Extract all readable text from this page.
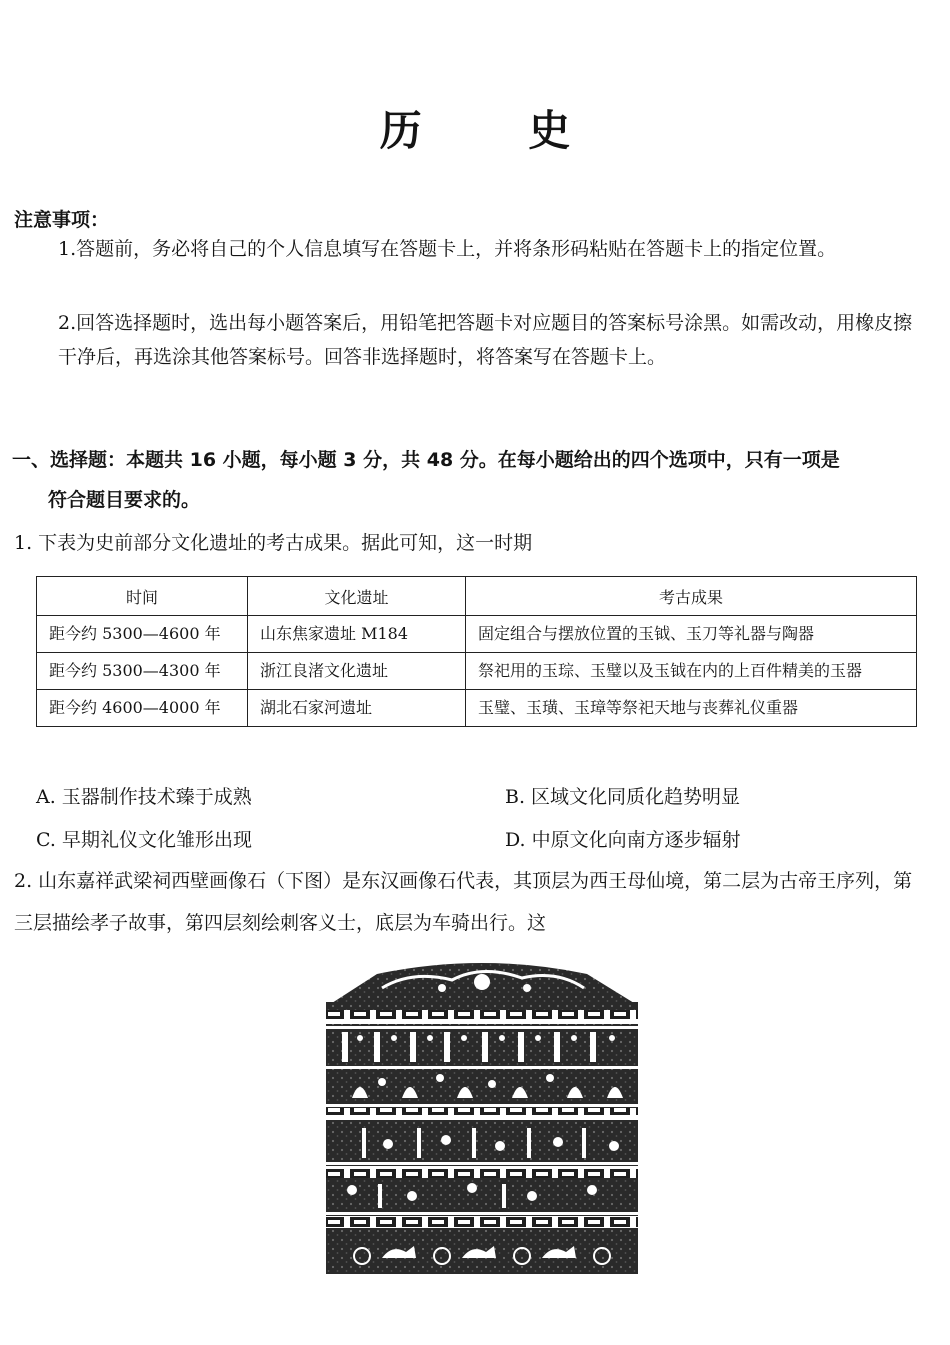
历 史
注意事项：
1.答题前，务必将自己的个人信息填写在答题卡上，并将条形码粘贴在答题卡上的指定位置。
2.回答选择题时，选出每小题答案后，用铅笔把答题卡对应题目的答案标号涂黑。如需改动，用橡皮擦干净后，再选涂其他答案标号。回答非选择题时，将答案写在答题卡上。
一、选择题：本题共 16 小题，每小题 3 分，共 48 分。在每小题给出的四个选项中，只有一项是
符合题目要求的。
1. 下表为史前部分文化遗址的考古成果。据此可知，这一时期
时间	文化遗址	考古成果
距今约 5300—4600 年	山东焦家遗址 M184	固定组合与摆放位置的玉钺、玉刀等礼器与陶器
距今约 5300—4300 年	浙江良渚文化遗址	祭祀用的玉琮、玉璧以及玉钺在内的上百件精美的玉器
距今约 4600—4000 年	湖北石家河遗址	玉璧、玉璜、玉璋等祭祀天地与丧葬礼仪重器
A. 玉器制作技术臻于成熟	B. 区域文化同质化趋势明显
C. 早期礼仪文化雏形出现	D. 中原文化向南方逐步辐射
2. 山东嘉祥武梁祠西壁画像石（下图）是东汉画像石代表，其顶层为西王母仙境，第二层为古帝王序列，第三层描绘孝子故事，第四层刻绘刺客义士，底层为车骑出行。这
